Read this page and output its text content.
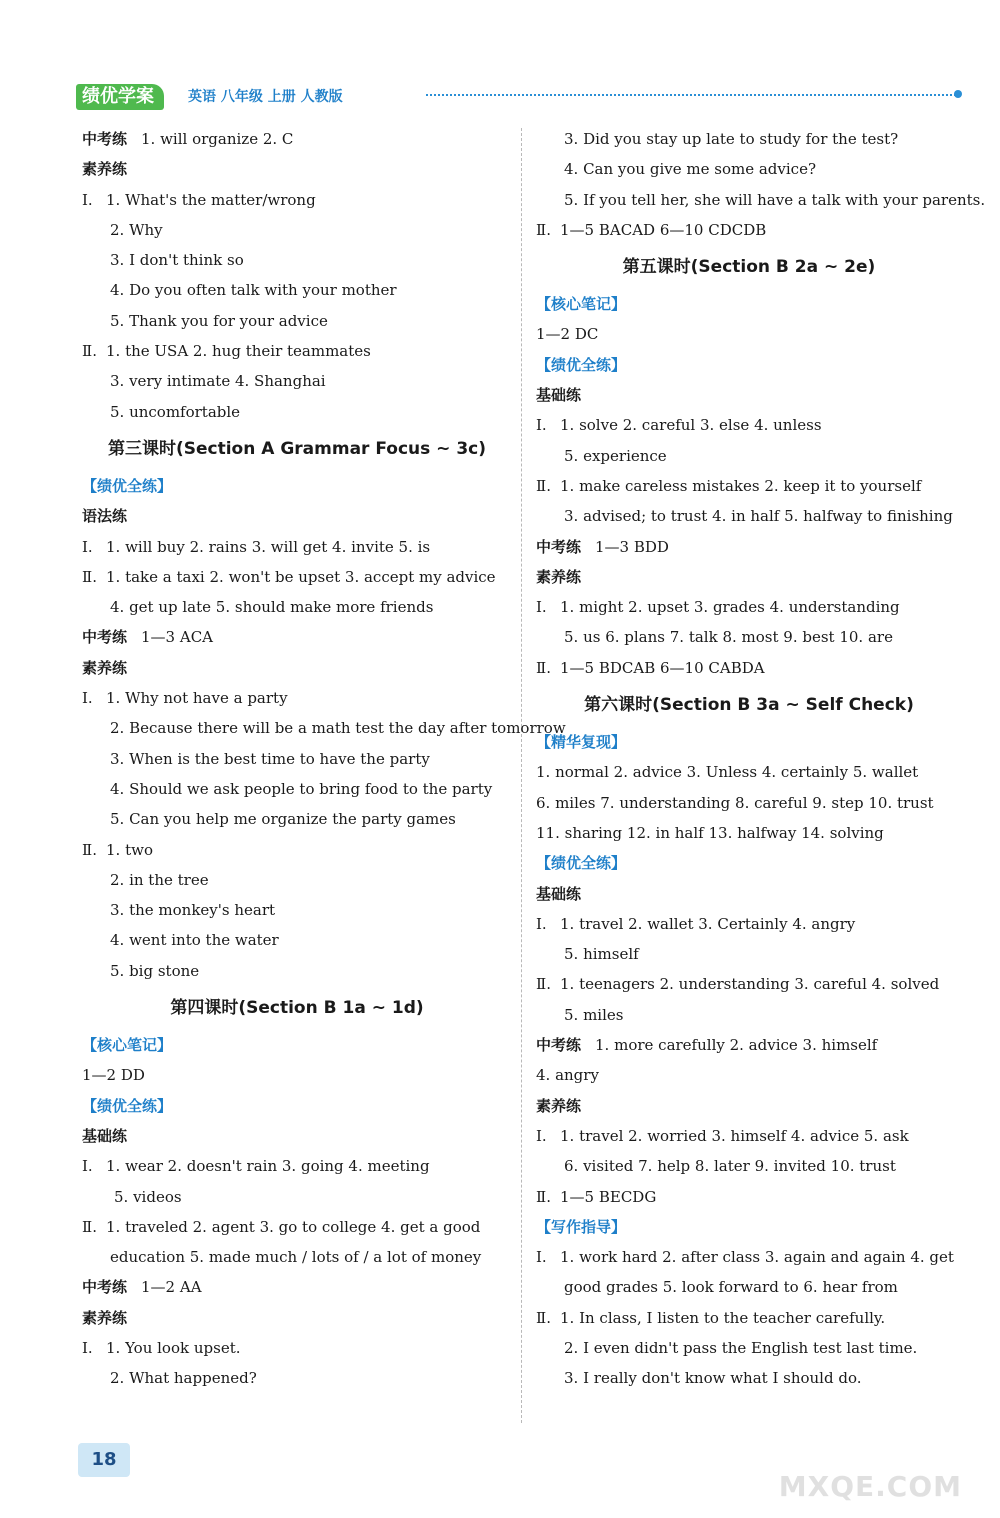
绩优学案	英语 八年级 上册 人教版
中考练 1. will organize 2. C
素养练
Ⅰ. 1. What's the matter/wrong
2. Why
3. I don't think so
4. Do you often talk with your mother
5. Thank you for your advice
Ⅱ. 1. the USA 2. hug their teammates
3. very intimate 4. Shanghai
5. uncomfortable
第三课时(Section A Grammar Focus ~ 3c)
【绩优全练】
语法练
Ⅰ. 1. will buy 2. rains 3. will get 4. invite 5. is
Ⅱ. 1. take a taxi 2. won't be upset 3. accept my advice
4. get up late 5. should make more friends
中考练 1—3 ACA
素养练
Ⅰ. 1. Why not have a party
2. Because there will be a math test the day after tomorrow
3. When is the best time to have the party
4. Should we ask people to bring food to the party
5. Can you help me organize the party games
Ⅱ. 1. two
2. in the tree
3. the monkey's heart
4. went into the water
5. big stone
第四课时(Section B 1a ~ 1d)
【核心笔记】
1—2 DD
【绩优全练】
基础练
Ⅰ. 1. wear 2. doesn't rain 3. going 4. meeting
5. videos
Ⅱ. 1. traveled 2. agent 3. go to college 4. get a good
education 5. made much / lots of / a lot of money
中考练 1—2 AA
素养练
Ⅰ. 1. You look upset.
2. What happened?
3. Did you stay up late to study for the test?
4. Can you give me some advice?
5. If you tell her, she will have a talk with your parents.
Ⅱ. 1—5 BACAD 6—10 CDCDB
第五课时(Section B 2a ~ 2e)
【核心笔记】
1—2 DC
【绩优全练】
基础练
Ⅰ. 1. solve 2. careful 3. else 4. unless
5. experience
Ⅱ. 1. make careless mistakes 2. keep it to yourself
3. advised; to trust 4. in half 5. halfway to finishing
中考练 1—3 BDD
素养练
Ⅰ. 1. might 2. upset 3. grades 4. understanding
5. us 6. plans 7. talk 8. most 9. best 10. are
Ⅱ. 1—5 BDCAB 6—10 CABDA
第六课时(Section B 3a ~ Self Check)
【精华复现】
1. normal 2. advice 3. Unless 4. certainly 5. wallet
6. miles 7. understanding 8. careful 9. step 10. trust
11. sharing 12. in half 13. halfway 14. solving
【绩优全练】
基础练
Ⅰ. 1. travel 2. wallet 3. Certainly 4. angry
5. himself
Ⅱ. 1. teenagers 2. understanding 3. careful 4. solved
5. miles
中考练 1. more carefully 2. advice 3. himself
4. angry
素养练
Ⅰ. 1. travel 2. worried 3. himself 4. advice 5. ask
6. visited 7. help 8. later 9. invited 10. trust
Ⅱ. 1—5 BECDG
【写作指导】
Ⅰ. 1. work hard 2. after class 3. again and again 4. get
good grades 5. look forward to 6. hear from
Ⅱ. 1. In class, I listen to the teacher carefully.
2. I even didn't pass the English test last time.
3. I really don't know what I should do.
18
MXQE.COM
